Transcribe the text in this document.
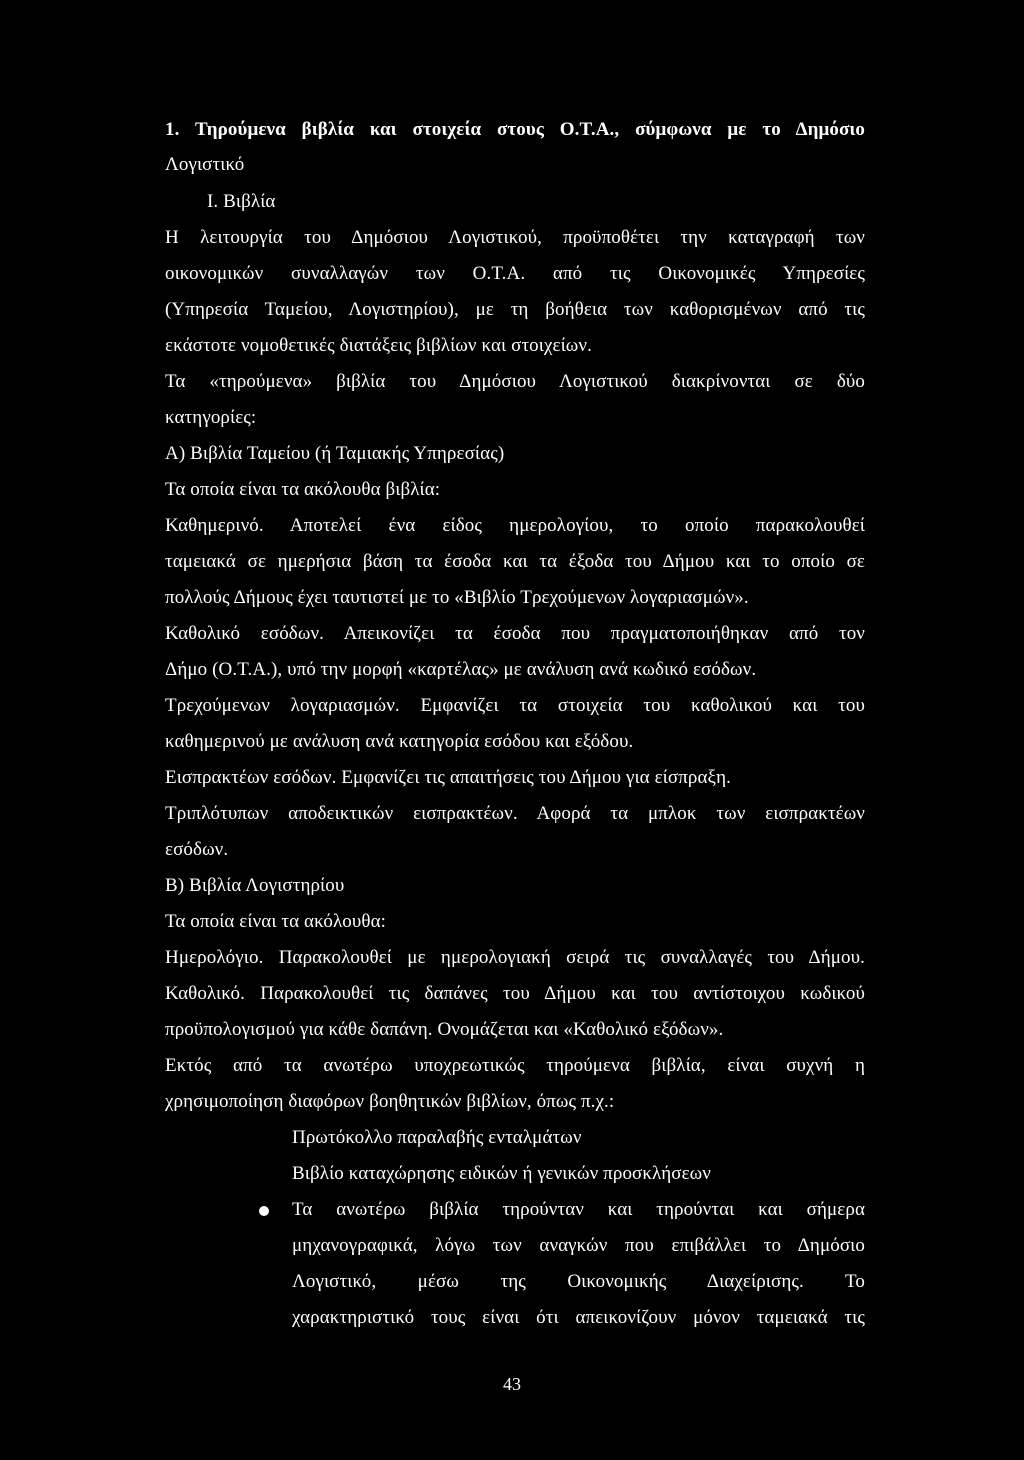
1. Τηρούμενα βιβλία και στοιχεία στους Ο.Τ.Α., σύμφωνα με το Δημόσιο
Λογιστικό
Ι. Βιβλία
Η λειτουργία του Δημόσιου Λογιστικού, προϋποθέτει την καταγραφή των
οικονομικών συναλλαγών των Ο.Τ.Α. από τις Οικονομικές Υπηρεσίες
(Υπηρεσία Ταμείου, Λογιστηρίου), με τη βοήθεια των καθορισμένων από τις
εκάστοτε νομοθετικές διατάξεις βιβλίων και στοιχείων.
Τα «τηρούμενα» βιβλία του Δημόσιου Λογιστικού διακρίνονται σε δύο
κατηγορίες:
Α) Βιβλία Ταμείου (ή Ταμιακής Υπηρεσίας)
Τα οποία είναι τα ακόλουθα βιβλία:
Καθημερινό. Αποτελεί ένα είδος ημερολογίου, το οποίο παρακολουθεί
ταμειακά σε ημερήσια βάση τα έσοδα και τα έξοδα του Δήμου και το οποίο σε
πολλούς Δήμους έχει ταυτιστεί με το «Βιβλίο Τρεχούμενων λογαριασμών».
Καθολικό εσόδων. Απεικονίζει τα έσοδα που πραγματοποιήθηκαν από τον
Δήμο (Ο.Τ.Α.), υπό την μορφή «καρτέλας» με ανάλυση ανά κωδικό εσόδων.
Τρεχούμενων λογαριασμών. Εμφανίζει τα στοιχεία του καθολικού και του
καθημερινού με ανάλυση ανά κατηγορία εσόδου και εξόδου.
Εισπρακτέων εσόδων. Εμφανίζει τις απαιτήσεις του Δήμου για είσπραξη.
Τριπλότυπων αποδεικτικών εισπρακτέων. Αφορά τα μπλοκ των εισπρακτέων
εσόδων.
Β) Βιβλία Λογιστηρίου
Τα οποία είναι τα ακόλουθα:
Ημερολόγιο. Παρακολουθεί με ημερολογιακή σειρά τις συναλλαγές του Δήμου.
Καθολικό. Παρακολουθεί τις δαπάνες του Δήμου και του αντίστοιχου κωδικού
προϋπολογισμού για κάθε δαπάνη. Ονομάζεται και «Καθολικό εξόδων».
Εκτός από τα ανωτέρω υποχρεωτικώς τηρούμενα βιβλία, είναι συχνή η
χρησιμοποίηση διαφόρων βοηθητικών βιβλίων, όπως π.χ.:
Πρωτόκολλο παραλαβής ενταλμάτων
Βιβλίο καταχώρησης ειδικών ή γενικών προσκλήσεων
Τα ανωτέρω βιβλία τηρούνταν και τηρούνται και σήμερα
μηχανογραφικά, λόγω των αναγκών που επιβάλλει το Δημόσιο
Λογιστικό, μέσω της Οικονομικής Διαχείρισης. Το
χαρακτηριστικό τους είναι ότι απεικονίζουν μόνον ταμειακά τις
43
